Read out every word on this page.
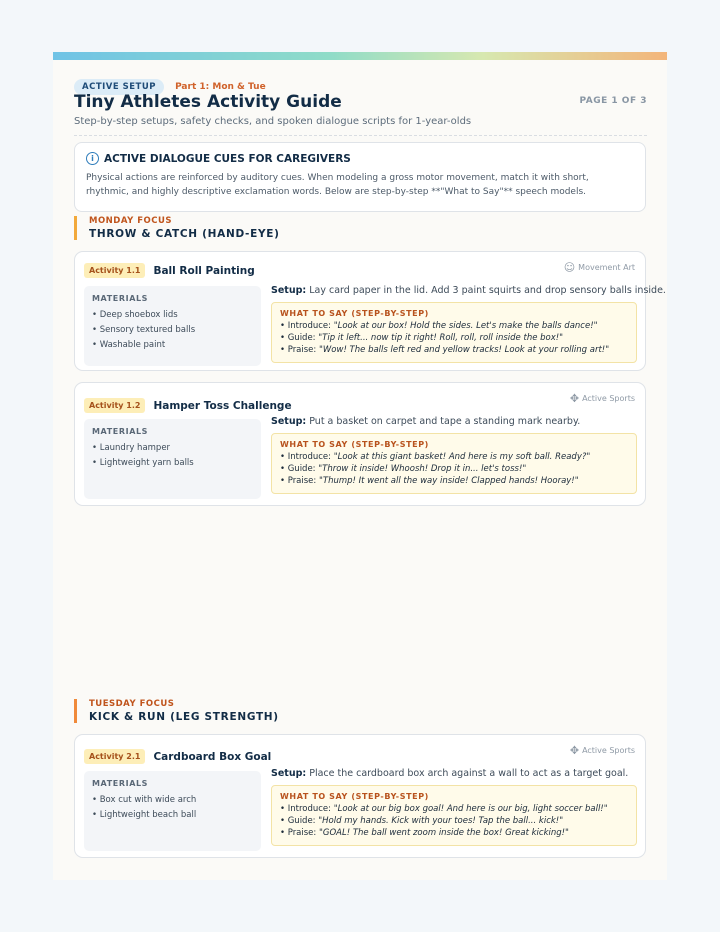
ACTIVE SETUP Part 1: Mon & Tue
Tiny Athletes Activity Guide	PAGE 1 OF 3
Step-by-step setups, safety checks, and spoken dialogue scripts for 1-year-olds
i ACTIVE DIALOGUE CUES FOR CAREGIVERS
Physical actions are reinforced by auditory cues. When modeling a gross motor movement, match it with short, rhythmic, and highly descriptive exclamation words. Below are step-by-step **"What to Say"** speech models.
MONDAY FOCUS
THROW & CATCH (HAND-EYE)
Activity 1.1	Ball Roll Painting	☺ Movement Art
MATERIALS
• Deep shoebox lids
• Sensory textured balls
• Washable paint
Setup: Lay card paper in the lid. Add 3 paint squirts and drop sensory balls inside.
WHAT TO SAY (STEP-BY-STEP)
• Introduce: "Look at our box! Hold the sides. Let's make the balls dance!"
• Guide: "Tip it left... now tip it right! Roll, roll, roll inside the box!"
• Praise: "Wow! The balls left red and yellow tracks! Look at your rolling art!"
Activity 1.2	Hamper Toss Challenge
✥ Active Sports
MATERIALS
• Laundry hamper
• Lightweight yarn balls
Setup: Put a basket on carpet and tape a standing mark nearby.
WHAT TO SAY (STEP-BY-STEP)
• Introduce: "Look at this giant basket! And here is my soft ball. Ready?"
• Guide: "Throw it inside! Whoosh! Drop it in... let's toss!"
• Praise: "Thump! It went all the way inside! Clapped hands! Hooray!"
TUESDAY FOCUS
KICK & RUN (LEG STRENGTH)
Activity 2.1	Cardboard Box Goal	✥ Active Sports
MATERIALS
• Box cut with wide arch
• Lightweight beach ball
Setup: Place the cardboard box arch against a wall to act as a target goal.
WHAT TO SAY (STEP-BY-STEP)
• Introduce: "Look at our big box goal! And here is our big, light soccer ball!"
• Guide: "Hold my hands. Kick with your toes! Tap the ball... kick!"
• Praise: "GOAL! The ball went zoom inside the box! Great kicking!"
